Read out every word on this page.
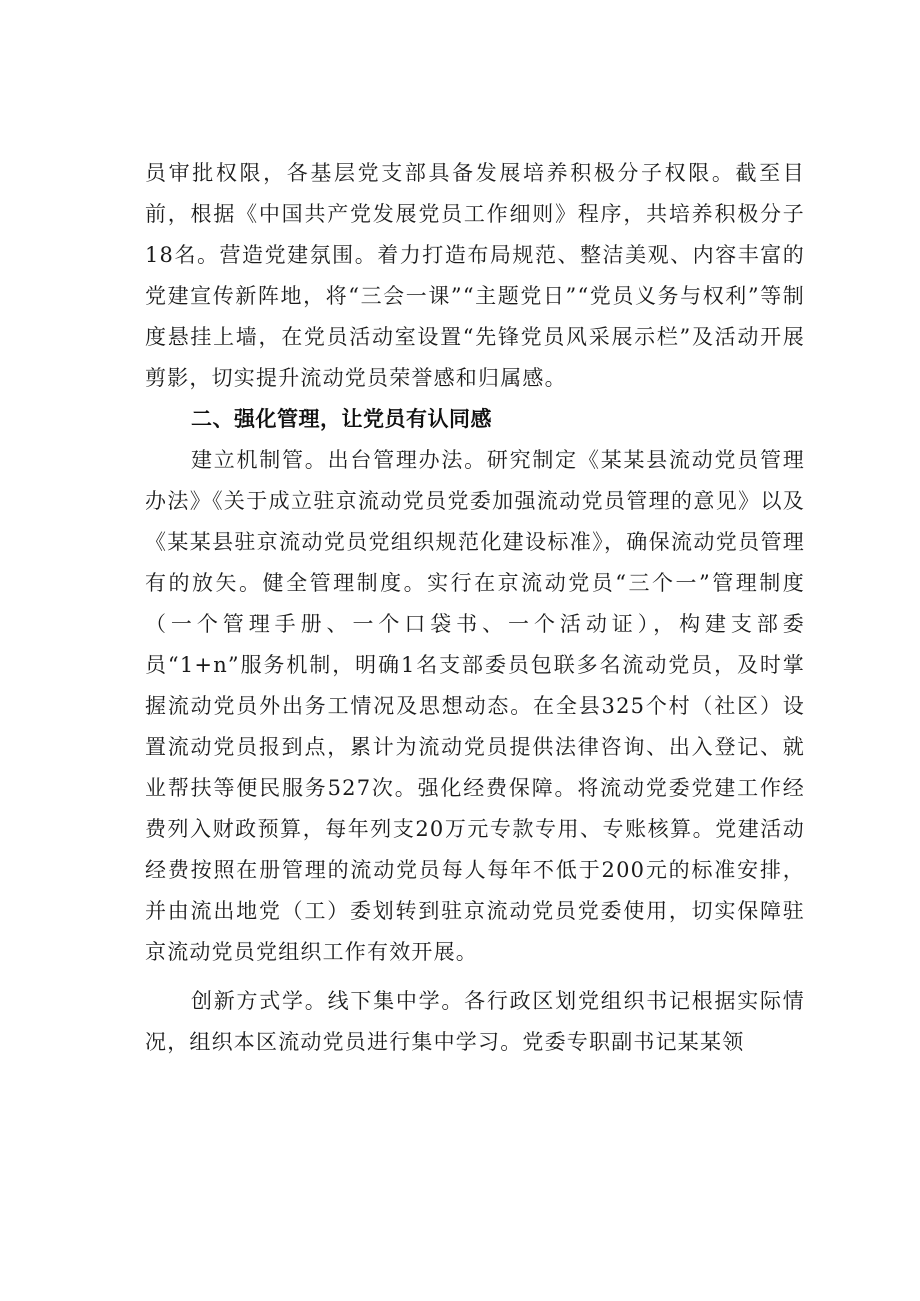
员审批权限，各基层党支部具备发展培养积极分子权限。截至目前，根据《中国共产党发展党员工作细则》程序，共培养积极分子18名。营造党建氛围。着力打造布局规范、整洁美观、内容丰富的党建宣传新阵地，将“三会一课”“主题党日”“党员义务与权利”等制度悬挂上墙，在党员活动室设置“先锋党员风采展示栏”及活动开展剪影，切实提升流动党员荣誉感和归属感。

二、强化管理，让党员有认同感

建立机制管。出台管理办法。研究制定《某某县流动党员管理办法》《关于成立驻京流动党员党委加强流动党员管理的意见》以及《某某县驻京流动党员党组织规范化建设标准》，确保流动党员管理有的放矢。健全管理制度。实行在京流动党员“三个一”管理制度（一个管理手册、一个口袋书、一个活动证），构建支部委员“1+n”服务机制，明确1名支部委员包联多名流动党员，及时掌握流动党员外出务工情况及思想动态。在全县325个村（社区）设置流动党员报到点，累计为流动党员提供法律咨询、出入登记、就业帮扶等便民服务527次。强化经费保障。将流动党委党建工作经费列入财政预算，每年列支20万元专款专用、专账核算。党建活动经费按照在册管理的流动党员每人每年不低于200元的标准安排，并由流出地党（工）委划转到驻京流动党员党委使用，切实保障驻京流动党员党组织工作有效开展。

创新方式学。线下集中学。各行政区划党组织书记根据实际情况，组织本区流动党员进行集中学习。党委专职副书记某某领
